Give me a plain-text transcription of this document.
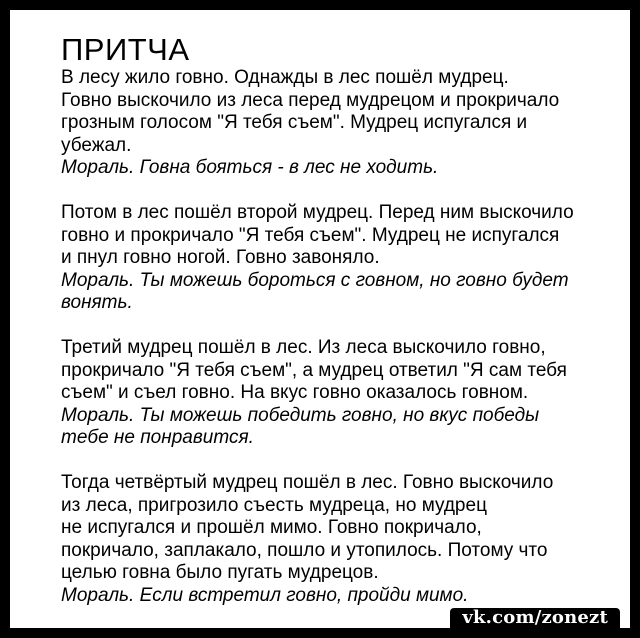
ПРИТЧА
В лесу жило говно. Однажды в лес пошёл мудрец.
Говно выскочило из леса перед мудрецом и прокричало
грозным голосом "Я тебя съем". Мудрец испугался и
убежал.
Мораль. Говна бояться - в лес не ходить.
Потом в лес пошёл второй мудрец. Перед ним выскочило
говно и прокричало "Я тебя съем". Мудрец не испугался
и пнул говно ногой. Говно завоняло.
Мораль. Ты можешь бороться с говном, но говно будет
вонять.
Третий мудрец пошёл в лес. Из леса выскочило говно,
прокричало "Я тебя съем", а мудрец ответил "Я сам тебя
съем" и съел говно. На вкус говно оказалось говном.
Мораль. Ты можешь победить говно, но вкус победы
тебе не понравится.
Тогда четвёртый мудрец пошёл в лес. Говно выскочило
из леса, пригрозило съесть мудреца, но мудрец
не испугался и прошёл мимо. Говно покричало,
покричало, заплакало, пошло и утопилось. Потому что
целью говна было пугать мудрецов.
Мораль. Если встретил говно, пройди мимо.
vk.com/zonezt
